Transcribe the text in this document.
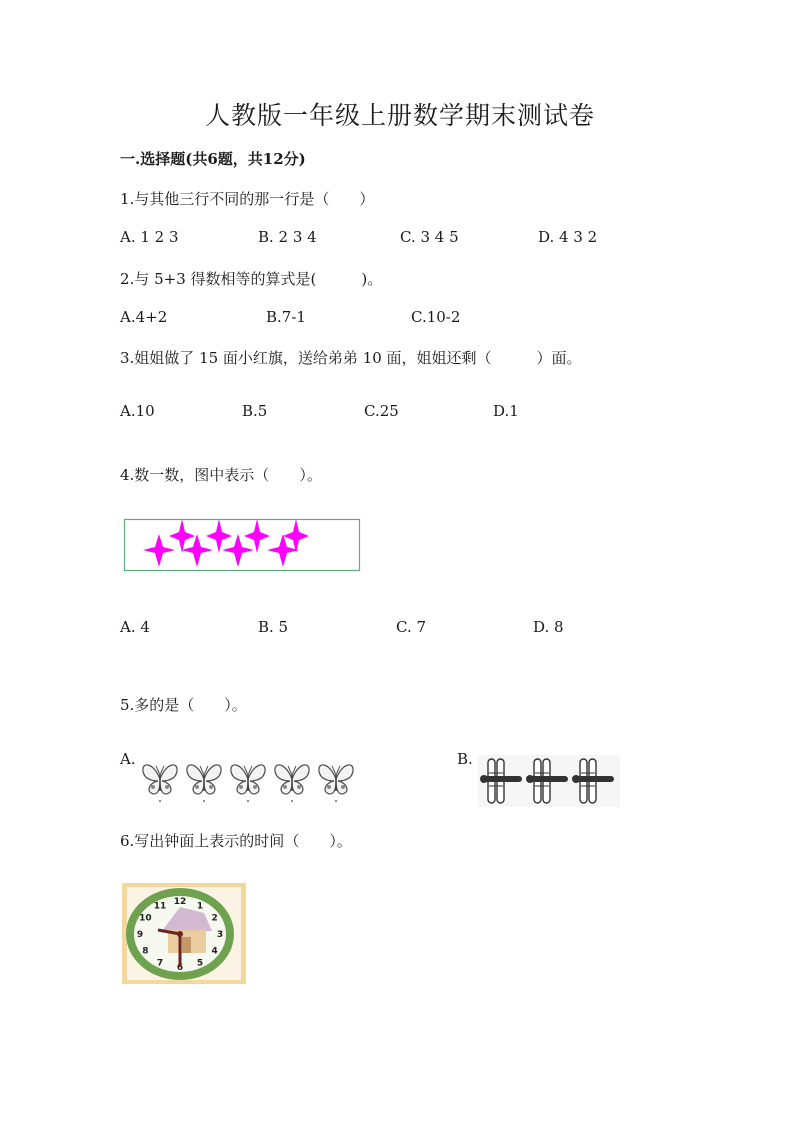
人教版一年级上册数学期末测试卷
一.选择题(共6题，共12分)
1.与其他三行不同的那一行是（　　）
A. 1 2 3	B. 2 3 4	C. 3 4 5	D. 4 3 2
2.与 5+3 得数相等的算式是(　　　)。
A.4+2	B.7-1	C.10-2
3.姐姐做了 15 面小红旗，送给弟弟 10 面，姐姐还剩（　　　）面。
A.10	B.5	C.25	D.1
4.数一数，图中表示（　　）。
A. 4	B. 5	C. 7	D. 8
5.多的是（　　）。
A.	B.
6.写出钟面上表示的时间（　　）。
12 1
2
3
4
5
6
7
8
9
10
11
